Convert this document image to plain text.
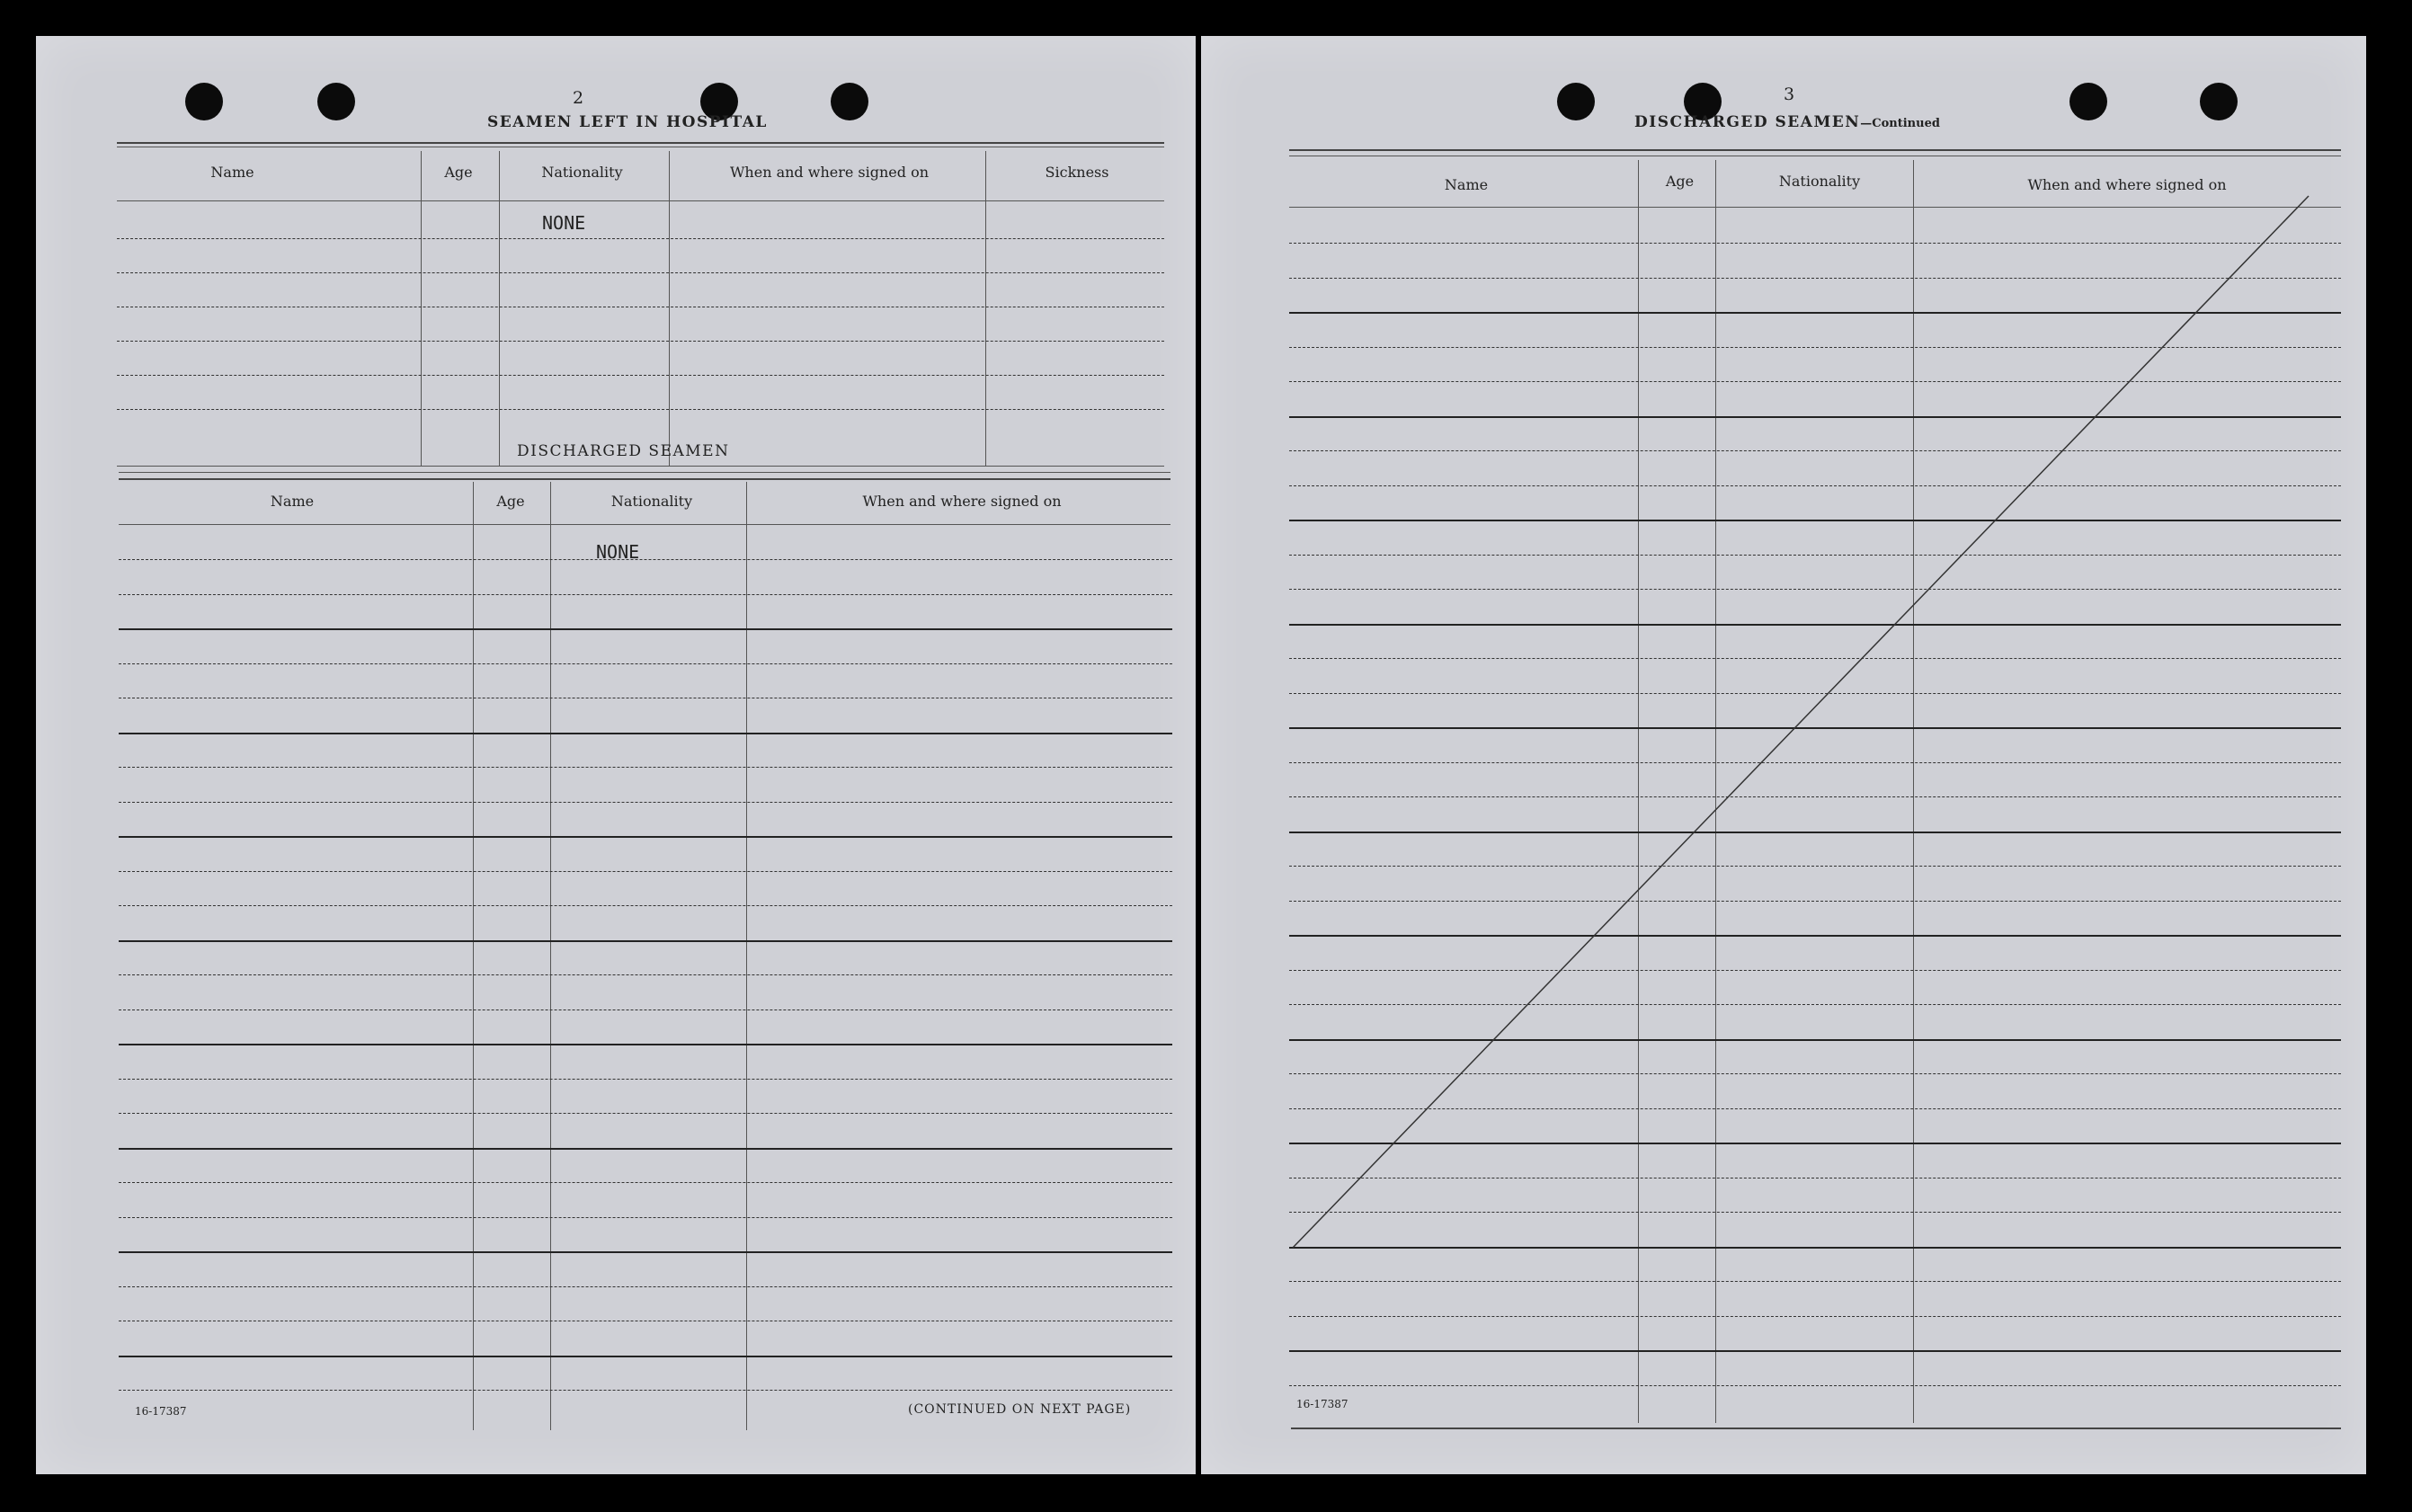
2
SEAMEN LEFT IN HOSPITAL
Name	Age	Nationality	When and where signed on	Sickness
NONE
DISCHARGED SEAMEN
Name	Age	Nationality	When and where signed on
NONE
16-17387	(CONTINUED ON NEXT PAGE)
3
DISCHARGED SEAMEN—Continued
Name	Age	Nationality	When and where signed on
16-17387
